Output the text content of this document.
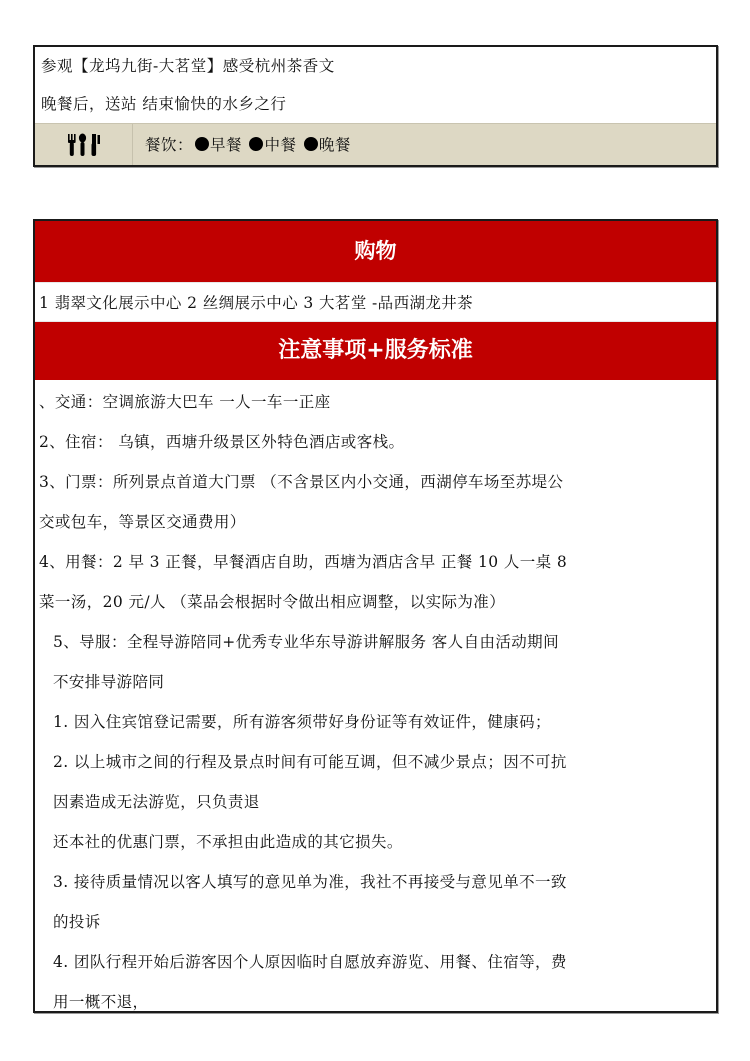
参观【龙坞九街-大茗堂】感受杭州茶香文
晚餐后，送站 结束愉快的水乡之行
餐饮： 早餐 中餐 晚餐
购物
1 翡翠文化展示中心 2 丝绸展示中心 3 大茗堂 -品西湖龙井茶
注意事项+服务标准
、交通：空调旅游大巴车 一人一车一正座
2、住宿： 乌镇，西塘升级景区外特色酒店或客栈。
3、门票：所列景点首道大门票 （不含景区内小交通，西湖停车场至苏堤公
交或包车，等景区交通费用）
4、用餐：2 早 3 正餐，早餐酒店自助，西塘为酒店含早 正餐 10 人一桌 8
菜一汤，20 元/人 （菜品会根据时令做出相应调整，以实际为准）
5、导服：全程导游陪同+优秀专业华东导游讲解服务 客人自由活动期间
不安排导游陪同
1. 因入住宾馆登记需要，所有游客须带好身份证等有效证件，健康码；
2. 以上城市之间的行程及景点时间有可能互调，但不减少景点；因不可抗
因素造成无法游览，只负责退
还本社的优惠门票，不承担由此造成的其它损失。
3. 接待质量情况以客人填写的意见单为准，我社不再接受与意见单不一致
的投诉
4. 团队行程开始后游客因个人原因临时自愿放弃游览、用餐、住宿等，费
用一概不退，
